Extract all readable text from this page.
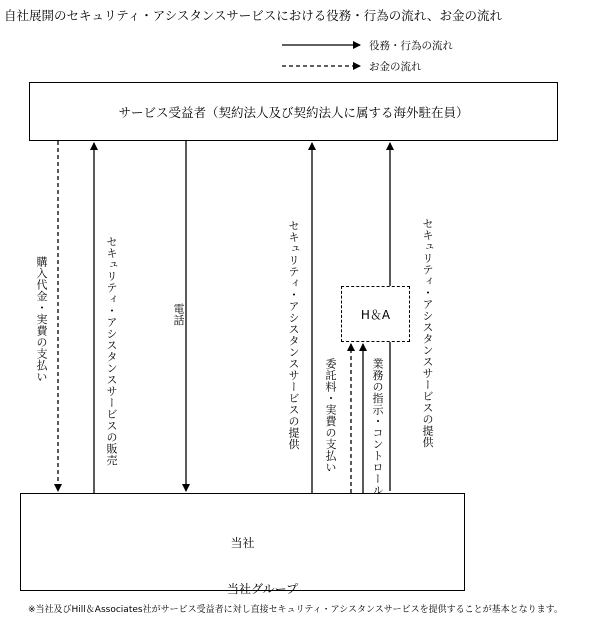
自社展開のセキュリティ・アシスタンスサービスにおける役務・行為の流れ、お金の流れ
役務・行為の流れ
お金の流れ
サービス受益者（契約法人及び契約法人に属する海外駐在員）
H＆A
当社
購入代金・実費の支払い	セキュリティ・アシスタンスサービスの販売	電話	セキュリティ・アシスタンスサービスの提供 委託料・実費の支払い	業務の指示・コントロール	セキュリティ・アシスタンスサービスの提供
当社グループ
※当社及びHill＆Associates社がサービス受益者に対し直接セキュリティ・アシスタンスサービスを提供することが基本となります。
